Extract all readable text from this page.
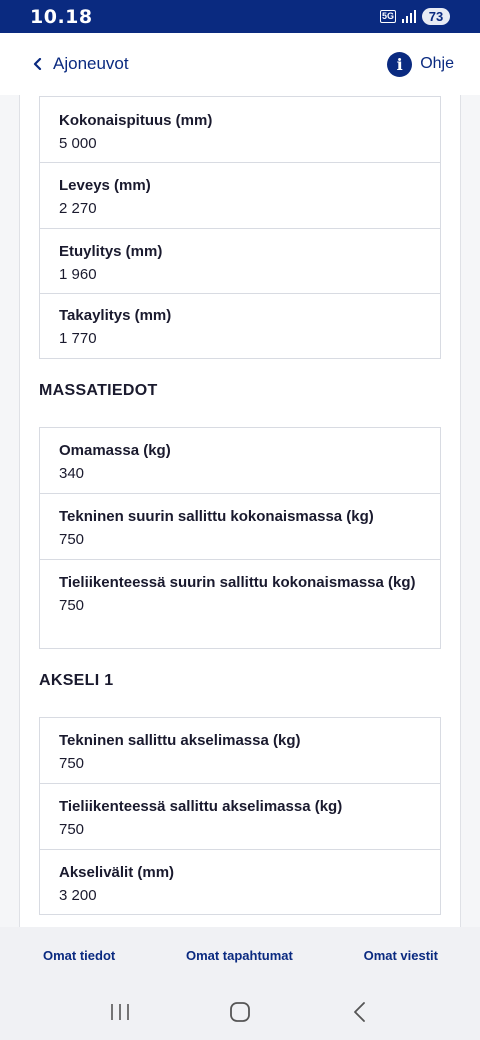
10.18	5G	73
Ajoneuvot	i	Ohje
Kokonaispituus (mm)
5 000
Leveys (mm)
2 270
Etuylitys (mm)
1 960
Takaylitys (mm)
1 770
MASSATIEDOT
Omamassa (kg)
340
Tekninen suurin sallittu kokonaismassa (kg)
750
Tieliikenteessä suurin sallittu kokonaismassa (kg)
750
AKSELI 1
Tekninen sallittu akselimassa (kg)
750
Tieliikenteessä sallittu akselimassa (kg)
750
Akselivälit (mm)
3 200
Omat tiedot	Omat tapahtumat	Omat viestit
